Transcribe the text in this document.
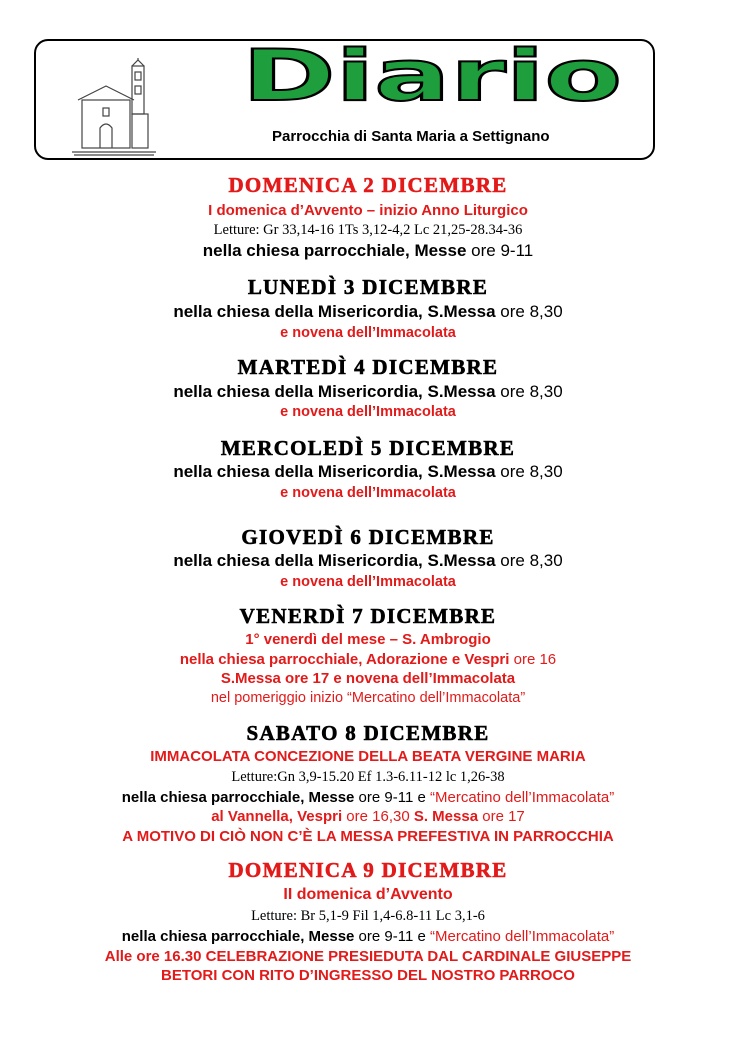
Diario
Parrocchia di Santa Maria a Settignano
DOMENICA 2 DICEMBRE
I domenica d’Avvento – inizio Anno Liturgico
Letture: Gr 33,14-16 1Ts 3,12-4,2 Lc 21,25-28.34-36
nella chiesa parrocchiale, Messe ore 9-11
LUNEDÌ 3 DICEMBRE
nella chiesa della Misericordia, S.Messa ore 8,30
e novena dell’Immacolata
MARTEDÌ 4 DICEMBRE
nella chiesa della Misericordia, S.Messa ore 8,30
e novena dell’Immacolata
MERCOLEDÌ 5 DICEMBRE
nella chiesa della Misericordia, S.Messa ore 8,30
e novena dell’Immacolata
GIOVEDÌ 6 DICEMBRE
nella chiesa della Misericordia, S.Messa ore 8,30
e novena dell’Immacolata
VENERDÌ 7 DICEMBRE
1° venerdì del mese – S. Ambrogio
nella chiesa parrocchiale, Adorazione e Vespri ore 16
S.Messa ore 17 e novena dell’Immacolata
nel pomeriggio inizio “Mercatino dell’Immacolata”
SABATO 8 DICEMBRE
IMMACOLATA CONCEZIONE DELLA BEATA VERGINE MARIA
Letture:Gn 3,9-15.20 Ef 1.3-6.11-12 lc 1,26-38
nella chiesa parrocchiale, Messe ore 9-11 e “Mercatino dell’Immacolata”
al Vannella, Vespri ore 16,30 S. Messa ore 17
A MOTIVO DI CIÒ NON C’È LA MESSA PREFESTIVA IN PARROCCHIA
DOMENICA 9 DICEMBRE
II domenica d’Avvento
Letture: Br 5,1-9 Fil 1,4-6.8-11 Lc 3,1-6
nella chiesa parrocchiale, Messe ore 9-11 e “Mercatino dell’Immacolata”
Alle ore 16.30 CELEBRAZIONE PRESIEDUTA DAL CARDINALE GIUSEPPE
BETORI CON RITO D’INGRESSO DEL NOSTRO PARROCO
